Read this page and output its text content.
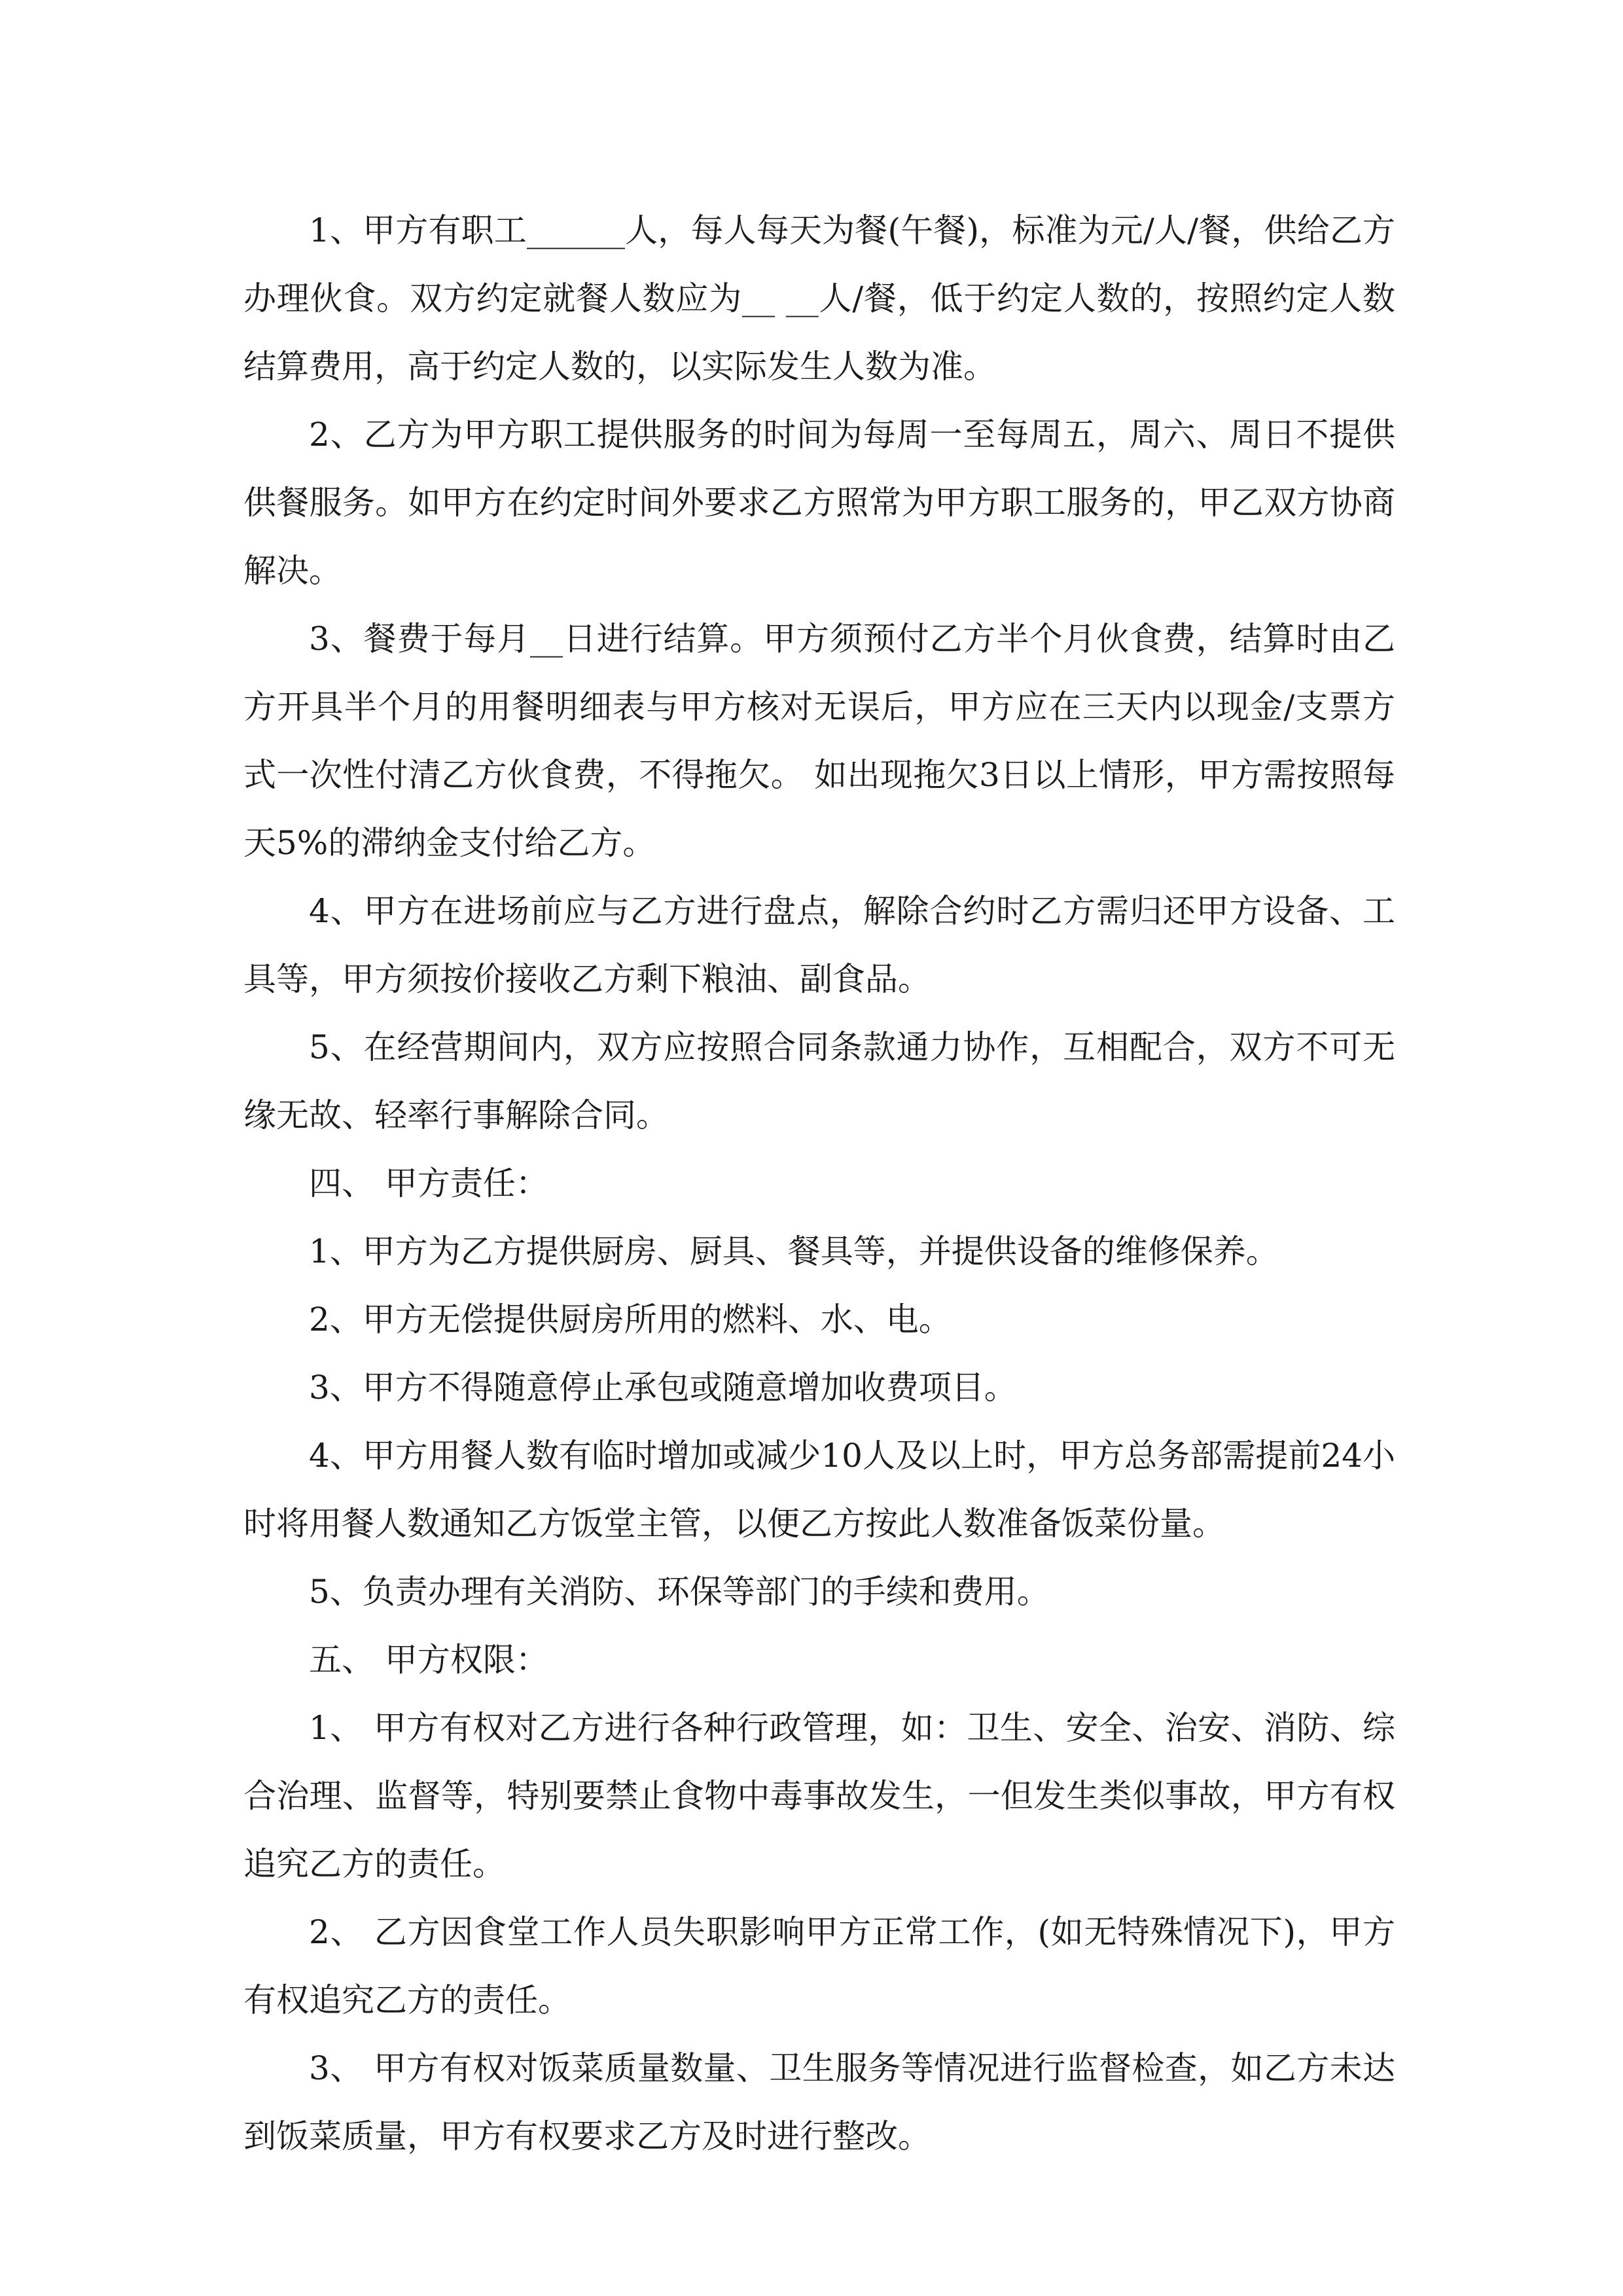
1、甲方有职工______人，每人每天为餐(午餐)，标准为元/人/餐，供给乙方办理伙食。双方约定就餐人数应为__ __人/餐，低于约定人数的，按照约定人数结算费用，高于约定人数的，以实际发生人数为准。

2、乙方为甲方职工提供服务的时间为每周一至每周五，周六、周日不提供供餐服务。如甲方在约定时间外要求乙方照常为甲方职工服务的，甲乙双方协商解决。

3、餐费于每月__日进行结算。甲方须预付乙方半个月伙食费，结算时由乙方开具半个月的用餐明细表与甲方核对无误后，甲方应在三天内以现金/支票方式一次性付清乙方伙食费，不得拖欠。 如出现拖欠3日以上情形，甲方需按照每天5%的滞纳金支付给乙方。

4、甲方在进场前应与乙方进行盘点，解除合约时乙方需归还甲方设备、工具等，甲方须按价接收乙方剩下粮油、副食品。

5、在经营期间内，双方应按照合同条款通力协作，互相配合，双方不可无缘无故、轻率行事解除合同。

四、 甲方责任：

1、甲方为乙方提供厨房、厨具、餐具等，并提供设备的维修保养。

2、甲方无偿提供厨房所用的燃料、水、电。

3、甲方不得随意停止承包或随意增加收费项目。

4、甲方用餐人数有临时增加或减少10人及以上时，甲方总务部需提前24小时将用餐人数通知乙方饭堂主管，以便乙方按此人数准备饭菜份量。

5、负责办理有关消防、环保等部门的手续和费用。

五、 甲方权限：

1、 甲方有权对乙方进行各种行政管理，如：卫生、安全、治安、消防、综合治理、监督等，特别要禁止食物中毒事故发生，一但发生类似事故，甲方有权追究乙方的责任。

2、 乙方因食堂工作人员失职影响甲方正常工作，(如无特殊情况下)，甲方有权追究乙方的责任。

3、 甲方有权对饭菜质量数量、卫生服务等情况进行监督检查，如乙方未达到饭菜质量，甲方有权要求乙方及时进行整改。
